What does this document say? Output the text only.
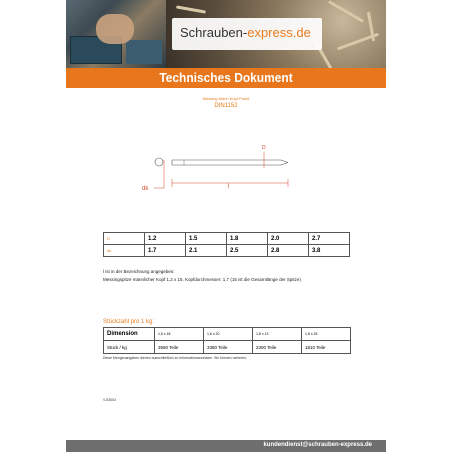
Schrauben-express.de
Technisches Dokument
Messing Mann Kopf Punkt
DIN1152
D
dk	l
D	1.2	1.5	1.8	2.0	2.7
dk	1.7	2.1	2.5	2.8	3.8
l ist in der Bezeichnung angegeben:
Messingspitze männlicher Kopf 1,2 x 15. Kopfdurchmesser: 1,7 (15 ist die Gesamtlänge der Spitze)
Stückzahl pro 1 kg:
Dimension	1,5 x 18	1,6 x 20	1,8 x 13	1,8 x 25
Stück / kg	3550 Teile	3380 Teile	2300 Teile	1810 Teile
Diese Mengenangaben dienen ausschließlich zu Informationszwecken. Sie können variieren.
V-53003
kundendienst@schrauben-express.de
